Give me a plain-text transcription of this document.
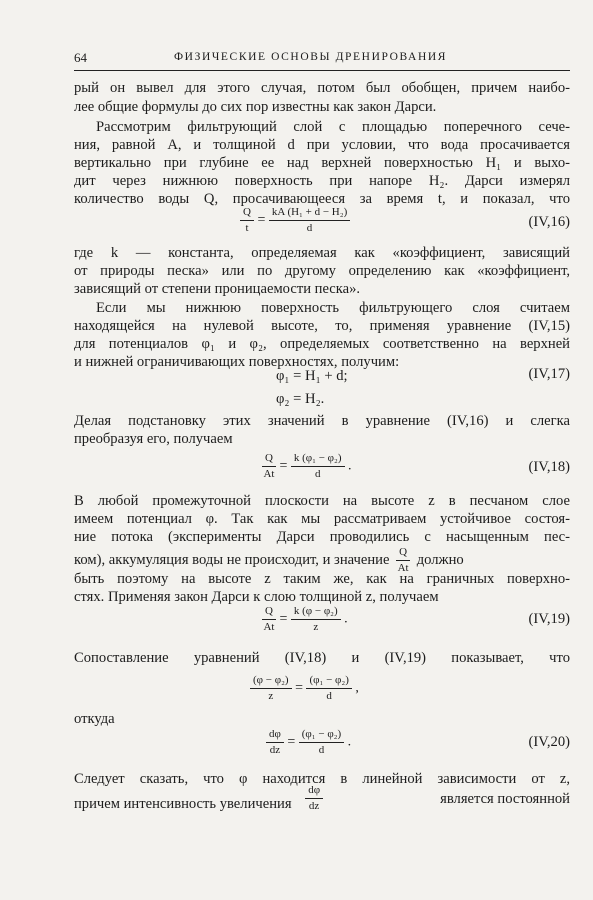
64	ФИЗИЧЕСКИЕ ОСНОВЫ ДРЕНИРОВАНИЯ
рый он вывел для этого случая, потом был обобщен, причем наибо-
лее общие формулы до сих пор известны как закон Дарси.
Рассмотрим фильтрующий слой с площадью поперечного сече-
ния, равной A, и толщиной d при условии, что вода просачивается
вертикально при глубине ее над верхней поверхностью H₁ и выхо-
дит через нижнюю поверхность при напоре H₂. Дарси измерял
количество воды Q, просачивающееся за время t, и показал, что
$\frac{Q}{t} = \frac{\text{kA (H₁ + d − H₂)}}{d}$	(IV,16)
где k — константа, определяемая как «коэффициент, зависящий
от природы песка» или по другому определению как «коэффициент,
зависящий от степени проницаемости песка».
Если мы нижнюю поверхность фильтрующего слоя считаем
находящейся на нулевой высоте, то, применяя уравнение (IV,15)
для потенциалов φ₁ и φ₂, определяемых соответственно на верхней
и нижней ограничивающих поверхностях, получим:
φ₁ = H₁ + d;	(IV,17)
φ₂ = H₂.
Делая подстановку этих значений в уравнение (IV,16) и слегка
преобразуя его, получаем
$\frac{Q}{At} = \frac{\text{k (φ₁ − φ₂)}}{d}$ .	(IV,18)
В любой промежуточной плоскости на высоте z в песчаном слое
имеем потенциал φ. Так как мы рассматриваем устойчивое состоя-
ние потока (эксперименты Дарси проводились с насыщенным пес-
ком), аккумуляция воды не происходит, и значение $\frac{Q}{At}$ должно
быть поэтому на высоте z таким же, как на граничных поверхно-
стях. Применяя закон Дарси к слою толщиной z, получаем
$\frac{Q}{At} = \frac{\text{k (φ − φ₂)}}{z}$ .	(IV,19)
Сопоставление уравнений (IV,18) и (IV,19) показывает, что
$\frac{\text{(φ − φ₂)}}{z} = \frac{\text{(φ₁ − φ₂)}}{d}$ ,
откуда
$\frac{d\varphi}{dz} = \frac{\text{(φ₁ − φ₂)}}{d}$ .	(IV,20)
Следует сказать, что φ находится в линейной зависимости от z,
причем интенсивность увеличения $\frac{d\varphi}{dz}$	является постоянной
